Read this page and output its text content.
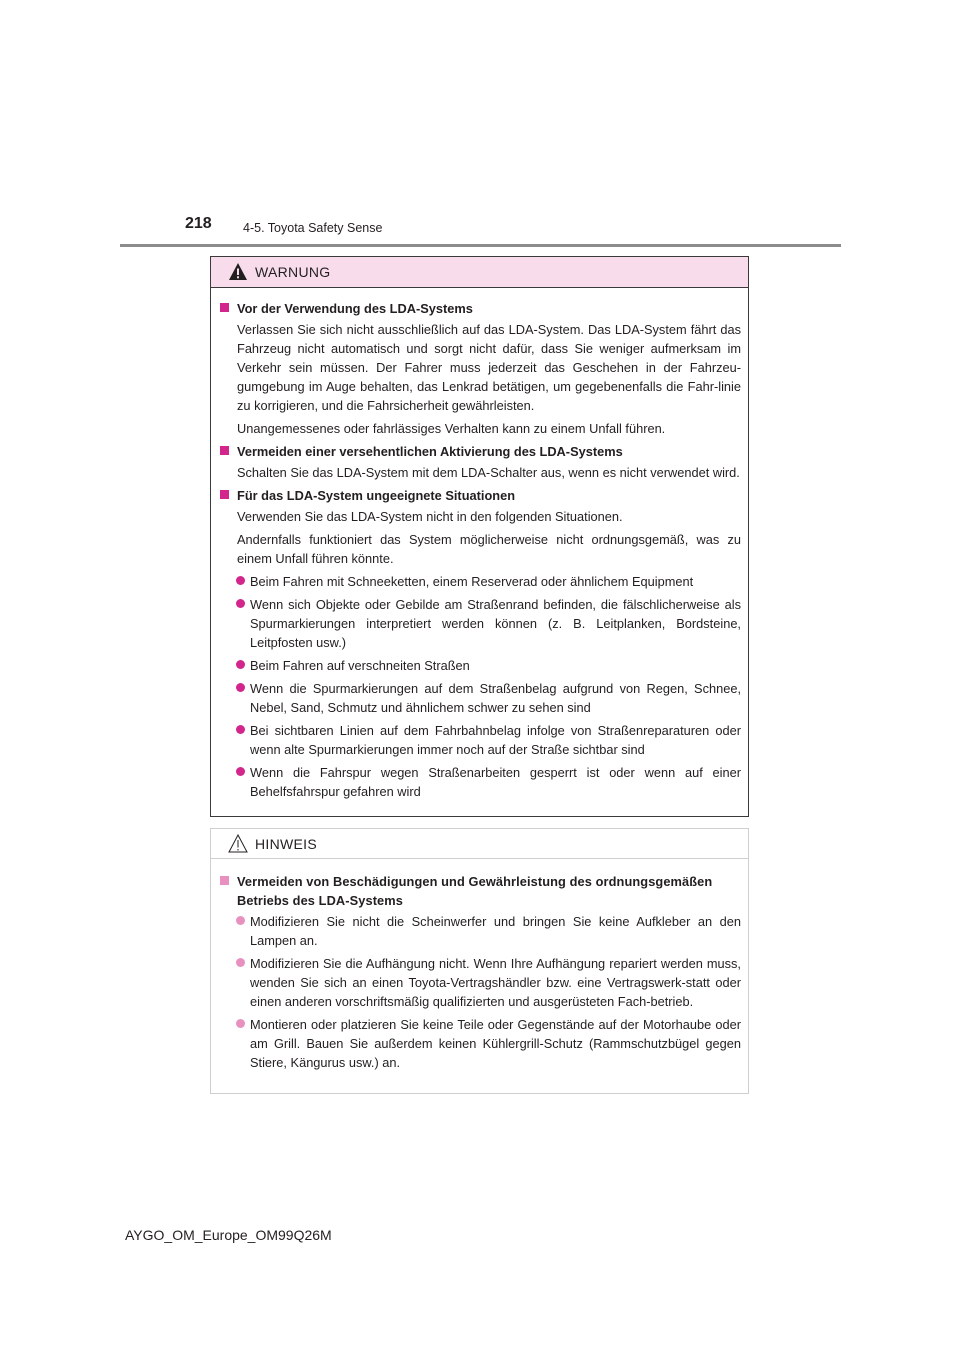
218	4-5. Toyota Safety Sense
WARNUNG
Vor der Verwendung des LDA-Systems
Verlassen Sie sich nicht ausschließlich auf das LDA-System. Das LDA-System fährt das Fahrzeug nicht automatisch und sorgt nicht dafür, dass Sie weniger aufmerksam im Verkehr sein müssen. Der Fahrer muss jederzeit das Geschehen in der Fahrzeu-gumgebung im Auge behalten, das Lenkrad betätigen, um gegebenenfalls die Fahr-linie zu korrigieren, und die Fahrsicherheit gewährleisten.
Unangemessenes oder fahrlässiges Verhalten kann zu einem Unfall führen.
Vermeiden einer versehentlichen Aktivierung des LDA-Systems
Schalten Sie das LDA-System mit dem LDA-Schalter aus, wenn es nicht verwendet wird.
Für das LDA-System ungeeignete Situationen
Verwenden Sie das LDA-System nicht in den folgenden Situationen.
Andernfalls funktioniert das System möglicherweise nicht ordnungsgemäß, was zu einem Unfall führen könnte.
Beim Fahren mit Schneeketten, einem Reserverad oder ähnlichem Equipment
Wenn sich Objekte oder Gebilde am Straßenrand befinden, die fälschlicherweise als Spurmarkierungen interpretiert werden können (z. B. Leitplanken, Bordsteine, Leitpfosten usw.)
Beim Fahren auf verschneiten Straßen
Wenn die Spurmarkierungen auf dem Straßenbelag aufgrund von Regen, Schnee, Nebel, Sand, Schmutz und ähnlichem schwer zu sehen sind
Bei sichtbaren Linien auf dem Fahrbahnbelag infolge von Straßenreparaturen oder wenn alte Spurmarkierungen immer noch auf der Straße sichtbar sind
Wenn die Fahrspur wegen Straßenarbeiten gesperrt ist oder wenn auf einer Behelfsfahrspur gefahren wird
HINWEIS
Vermeiden von Beschädigungen und Gewährleistung des ordnungsgemäßen Betriebs des LDA-Systems
Modifizieren Sie nicht die Scheinwerfer und bringen Sie keine Aufkleber an den Lampen an.
Modifizieren Sie die Aufhängung nicht. Wenn Ihre Aufhängung repariert werden muss, wenden Sie sich an einen Toyota-Vertragshändler bzw. eine Vertragswerk-statt oder einen anderen vorschriftsmäßig qualifizierten und ausgerüsteten Fach-betrieb.
Montieren oder platzieren Sie keine Teile oder Gegenstände auf der Motorhaube oder am Grill. Bauen Sie außerdem keinen Kühlergrill-Schutz (Rammschutzbügel gegen Stiere, Kängurus usw.) an.
AYGO_OM_Europe_OM99Q26M
